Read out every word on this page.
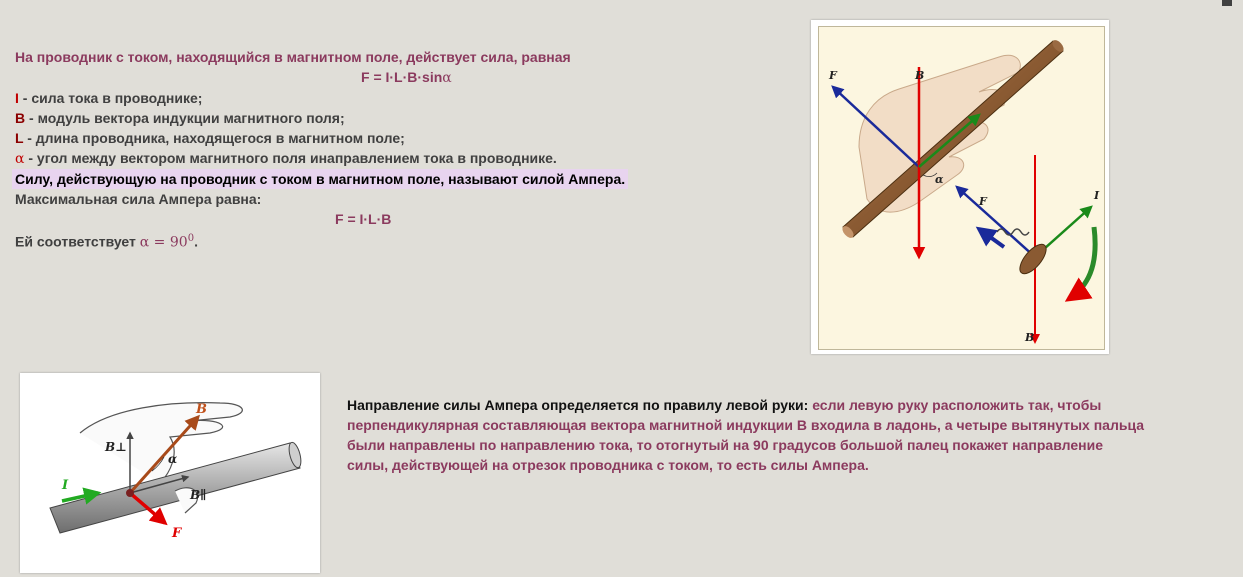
На проводник с током, находящийся в магнитном поле, действует сила, равная
F = I·L·B·sinα
I - сила тока в проводнике;
B - модуль вектора индукции магнитного поля;
L - длина проводника, находящегося в магнитном поле;
α - угол между вектором магнитного поля инаправлением тока в проводнике.
Силу, действующую на проводник с током в магнитном поле, называют силой Ампера.
Максимальная сила Ампера равна:
F = I·L·B
Ей соответствует $\alpha = 90^0$.
F	B
α
F	I
B
B
B⊥
α
I
B∥
F
Направление силы Ампера определяется по правилу левой руки: если левую руку расположить так, чтобы перпендикулярная составляющая вектора магнитной индукции В входила в ладонь, а четыре вытянутых пальца были направлены по направлению тока, то отогнутый на 90 градусов большой палец покажет направление силы, действующей на отрезок проводника с током, то есть силы Ампера.
